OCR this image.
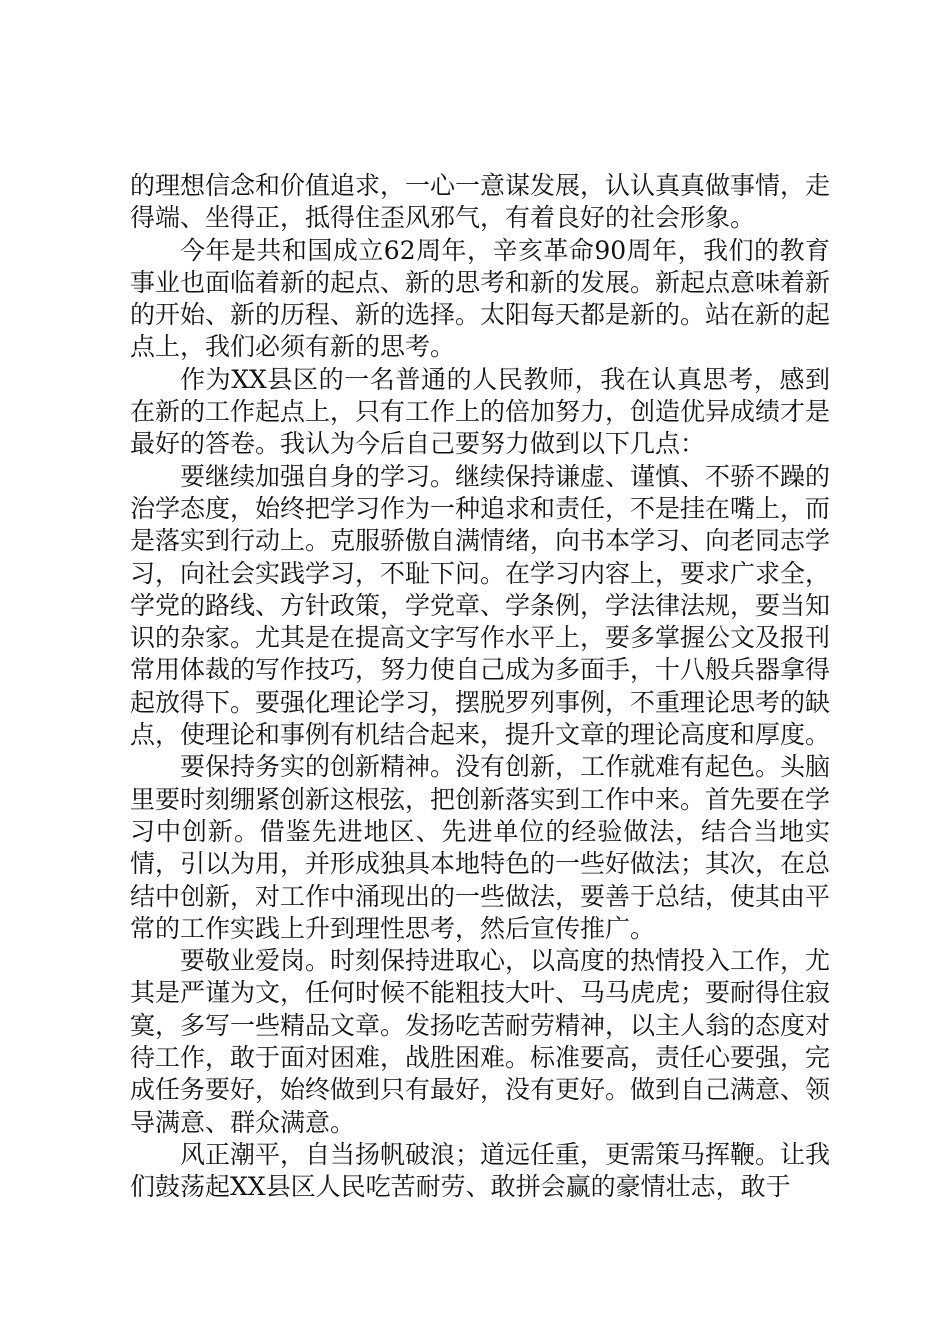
的理想信念和价值追求，一心一意谋发展，认认真真做事情，走得端、坐得正，抵得住歪风邪气，有着良好的社会形象。

今年是共和国成立62周年，辛亥革命90周年，我们的教育事业也面临着新的起点、新的思考和新的发展。新起点意味着新的开始、新的历程、新的选择。太阳每天都是新的。站在新的起点上，我们必须有新的思考。

作为XX县区的一名普通的人民教师，我在认真思考，感到在新的工作起点上，只有工作上的倍加努力，创造优异成绩才是最好的答卷。我认为今后自己要努力做到以下几点：

要继续加强自身的学习。继续保持谦虚、谨慎、不骄不躁的治学态度，始终把学习作为一种追求和责任，不是挂在嘴上，而是落实到行动上。克服骄傲自满情绪，向书本学习、向老同志学习，向社会实践学习，不耻下问。在学习内容上，要求广求全，学党的路线、方针政策，学党章、学条例，学法律法规，要当知识的杂家。尤其是在提高文字写作水平上，要多掌握公文及报刊常用体裁的写作技巧，努力使自己成为多面手，十八般兵器拿得起放得下。要强化理论学习，摆脱罗列事例，不重理论思考的缺点，使理论和事例有机结合起来，提升文章的理论高度和厚度。

要保持务实的创新精神。没有创新，工作就难有起色。头脑里要时刻绷紧创新这根弦，把创新落实到工作中来。首先要在学习中创新。借鉴先进地区、先进单位的经验做法，结合当地实情，引以为用，并形成独具本地特色的一些好做法；其次，在总结中创新，对工作中涌现出的一些做法，要善于总结，使其由平常的工作实践上升到理性思考，然后宣传推广。

要敬业爱岗。时刻保持进取心，以高度的热情投入工作，尤其是严谨为文，任何时候不能粗技大叶、马马虎虎；要耐得住寂寞，多写一些精品文章。发扬吃苦耐劳精神，以主人翁的态度对待工作，敢于面对困难，战胜困难。标准要高，责任心要强，完成任务要好，始终做到只有最好，没有更好。做到自己满意、领导满意、群众满意。

风正潮平，自当扬帆破浪；道远任重，更需策马挥鞭。让我们鼓荡起XX县区人民吃苦耐劳、敢拼会赢的豪情壮志，敢于
